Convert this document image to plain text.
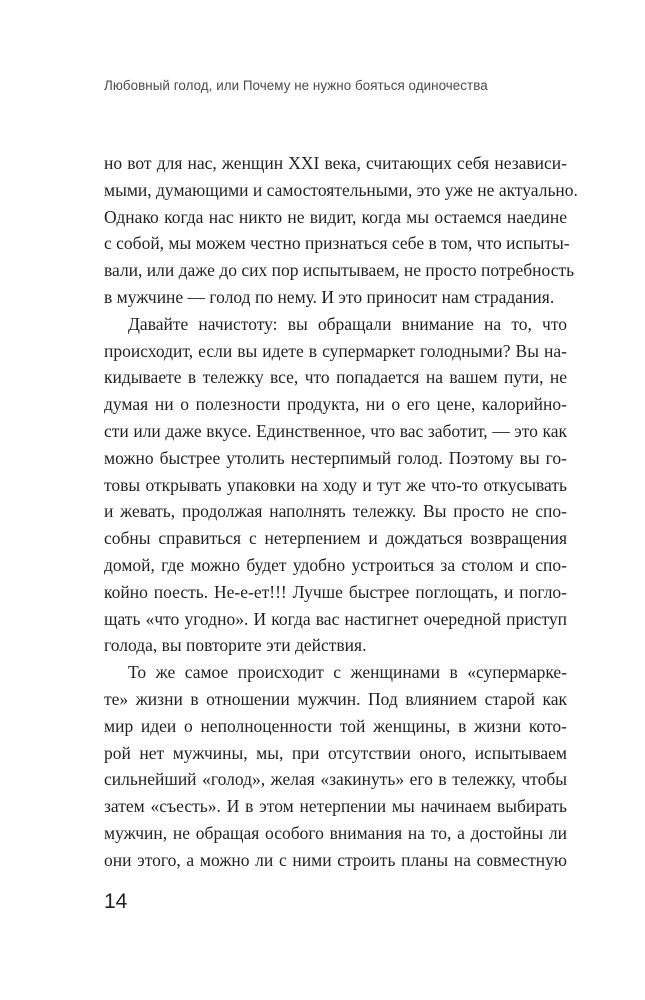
Любовный голод, или Почему не нужно бояться одиночества
но вот для нас, женщин XXI века, считающих себя независи-
мыми, думающими и самостоятельными, это уже не актуально.
Однако когда нас никто не видит, когда мы остаемся наедине
с собой, мы можем честно признаться себе в том, что испыты-
вали, или даже до сих пор испытываем, не просто потребность
в мужчине — голод по нему. И это приносит нам страдания.
Давайте начистоту: вы обращали внимание на то, что
происходит, если вы идете в супермаркет голодными? Вы на-
кидываете в тележку все, что попадается на вашем пути, не
думая ни о полезности продукта, ни о его цене, калорийно-
сти или даже вкусе. Единственное, что вас заботит, — это как
можно быстрее утолить нестерпимый голод. Поэтому вы го-
товы открывать упаковки на ходу и тут же что-то откусывать
и жевать, продолжая наполнять тележку. Вы просто не спо-
собны справиться с нетерпением и дождаться возвращения
домой, где можно будет удобно устроиться за столом и спо-
койно поесть. Не-е-ет!!! Лучше быстрее поглощать, и погло-
щать «что угодно». И когда вас настигнет очередной приступ
голода, вы повторите эти действия.
То же самое происходит с женщинами в «супермарке-
те» жизни в отношении мужчин. Под влиянием старой как
мир идеи о неполноценности той женщины, в жизни кото-
рой нет мужчины, мы, при отсутствии оного, испытываем
сильнейший «голод», желая «закинуть» его в тележку, чтобы
затем «съесть». И в этом нетерпении мы начинаем выбирать
мужчин, не обращая особого внимания на то, а достойны ли
они этого, а можно ли с ними строить планы на совместную
14
